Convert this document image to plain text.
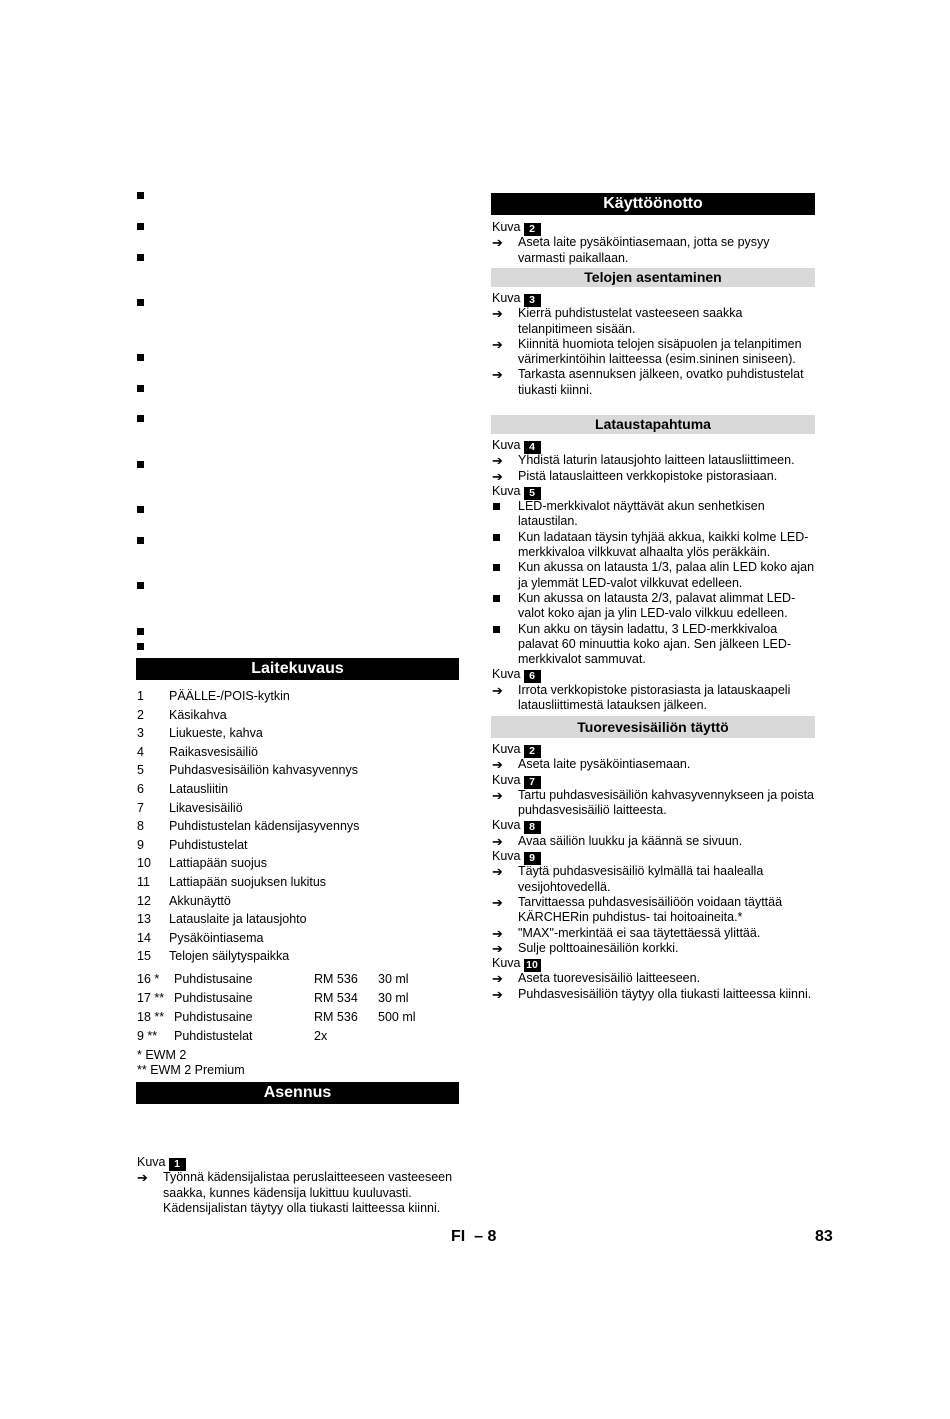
Laitekuvaus
1 PÄÄLLE-/POIS-kytkin
2 Käsikahva
3 Liukueste, kahva
4 Raikasvesisäiliö
5 Puhdasvesisäiliön kahvasyvennys
6 Latausliitin
7 Likavesisäiliö
8 Puhdistustelan kädensijasyvennys
9 Puhdistustelat
10 Lattiapään suojus
11 Lattiapään suojuksen lukitus
12 Akkunäyttö
13 Latauslaite ja latausjohto
14 Pysäköintiasema
15 Telojen säilytyspaikka
16 * Puhdistusaine	RM 536 30 ml
17 ** Puhdistusaine	RM 534 30 ml
18 ** Puhdistusaine	RM 536 500 ml
9 ** Puhdistustelat	2x
* EWM 2
** EWM 2 Premium
Asennus
Kuva 1
➔ Työnnä kädensijalistaa peruslaitteeseen vasteeseen saakka, kunnes kädensija lukittuu kuuluvasti. Kädensijalistan täytyy olla tiukasti laitteessa kiinni.
Käyttöönotto
Kuva 2
➔ Aseta laite pysäköintiasemaan, jotta se pysyy varmasti paikallaan.
Telojen asentaminen
Kuva 3
➔ Kierrä puhdistustelat vasteeseen saakka telanpitimeen sisään.
➔ Kiinnitä huomiota telojen sisäpuolen ja telanpitimen värimerkintöihin laitteessa (esim.sininen siniseen).
➔ Tarkasta asennuksen jälkeen, ovatko puhdistustelat tiukasti kiinni.
Lataustapahtuma
Kuva 4
➔ Yhdistä laturin latausjohto laitteen latausliittimeen.
➔ Pistä latauslaitteen verkkopistoke pistorasiaan.
Kuva 5
LED-merkkivalot näyttävät akun senhetkisen lataustilan.
Kun ladataan täysin tyhjää akkua, kaikki kolme LED-merkkivaloa vilkkuvat alhaalta ylös peräkkäin.
Kun akussa on latausta 1/3, palaa alin LED koko ajan ja ylemmät LED-valot vilkkuvat edelleen.
Kun akussa on latausta 2/3, palavat alimmat LED-valot koko ajan ja ylin LED-valo vilkkuu edelleen.
Kun akku on täysin ladattu, 3 LED-merkkivaloa palavat 60 minuuttia koko ajan. Sen jälkeen LED-merkkivalot sammuvat.
Kuva 6
➔ Irrota verkkopistoke pistorasiasta ja latauskaapeli latausliittimestä latauksen jälkeen.
Tuorevesisäiliön täyttö
Kuva 2
➔ Aseta laite pysäköintiasemaan.
Kuva 7
➔ Tartu puhdasvesisäiliön kahvasyvennykseen ja poista puhdasvesisäiliö laitteesta.
Kuva 8
➔ Avaa säiliön luukku ja käännä se sivuun.
Kuva 9
➔ Täytä puhdasvesisäiliö kylmällä tai haalealla vesijohtovedellä.
➔ Tarvittaessa puhdasvesisäiliöön voidaan täyttää KÄRCHERin puhdistus- tai hoitoaineita.*
➔ "MAX"-merkintää ei saa täytettäessä ylittää.
➔ Sulje polttoainesäiliön korkki.
Kuva 10
➔ Aseta tuorevesisäiliö laitteeseen.
➔ Puhdasvesisäiliön täytyy olla tiukasti laitteessa kiinni.
FI – 8	83
